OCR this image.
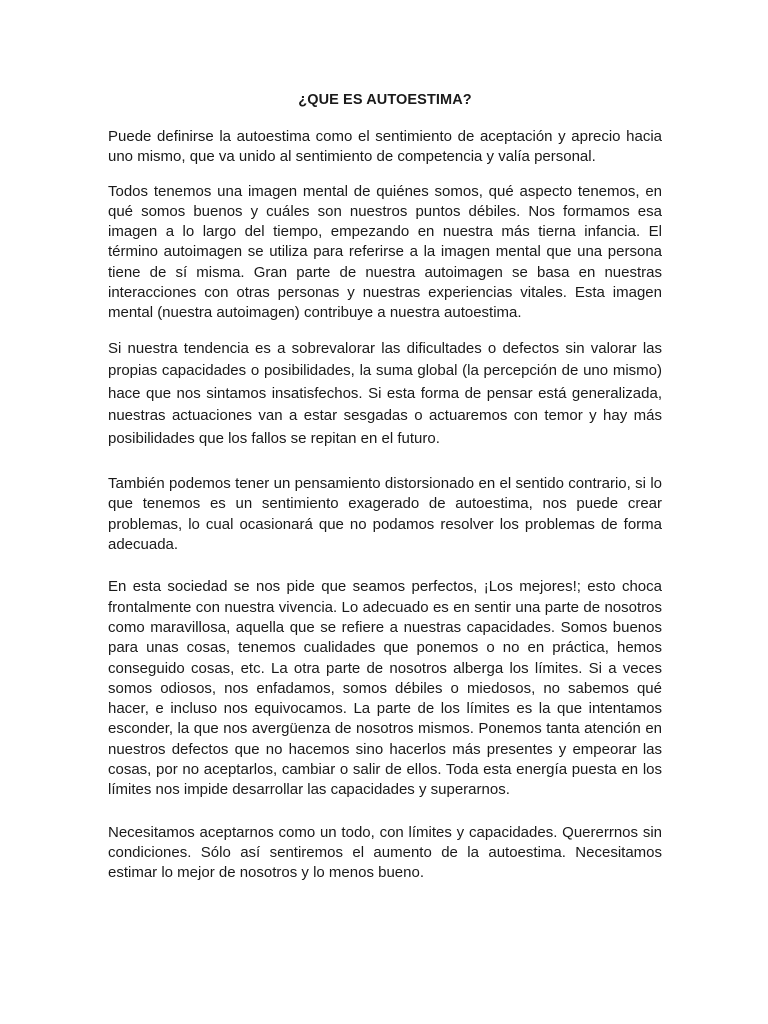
¿QUE ES AUTOESTIMA?

Puede definirse la autoestima como el sentimiento de aceptación y aprecio hacia uno mismo, que va unido al sentimiento de competencia y valía personal.

Todos tenemos una imagen mental de quiénes somos, qué aspecto tenemos, en qué somos buenos y cuáles son nuestros puntos débiles. Nos formamos esa imagen a lo largo del tiempo, empezando en nuestra más tierna infancia. El término autoimagen se utiliza para referirse a la imagen mental que una persona tiene de sí misma. Gran parte de nuestra autoimagen se basa en nuestras interacciones con otras personas y nuestras experiencias vitales. Esta imagen mental (nuestra autoimagen) contribuye a nuestra autoestima.

Si nuestra tendencia es a sobrevalorar las dificultades o defectos sin valorar las propias capacidades o posibilidades, la suma global (la percepción de uno mismo) hace que nos sintamos insatisfechos. Si esta forma de pensar está generalizada, nuestras actuaciones van a estar sesgadas o actuaremos con temor y hay más posibilidades que los fallos se repitan en el futuro.

También podemos tener un pensamiento distorsionado en el sentido contrario, si lo que tenemos es un sentimiento exagerado de autoestima, nos puede crear problemas, lo cual ocasionará que no podamos resolver los problemas de forma adecuada.

En esta sociedad se nos pide que seamos perfectos, ¡Los mejores!; esto choca frontalmente con nuestra vivencia. Lo adecuado es en sentir una parte de nosotros como maravillosa, aquella que se refiere a nuestras capacidades. Somos buenos para unas cosas, tenemos cualidades que ponemos o no en práctica, hemos conseguido cosas, etc. La otra parte de nosotros alberga los límites. Si a veces somos odiosos, nos enfadamos, somos débiles o miedosos, no sabemos qué hacer, e incluso nos equivocamos. La parte de los límites es la que intentamos esconder, la que nos avergüenza de nosotros mismos. Ponemos tanta atención en nuestros defectos que no hacemos sino hacerlos más presentes y empeorar las cosas, por no aceptarlos, cambiar o salir de ellos. Toda esta energía puesta en los límites nos impide desarrollar las capacidades y superarnos.

Necesitamos aceptarnos como un todo, con límites y capacidades. Quererrnos sin condiciones. Sólo así sentiremos el aumento de la autoestima. Necesitamos estimar lo mejor de nosotros y lo menos bueno.
